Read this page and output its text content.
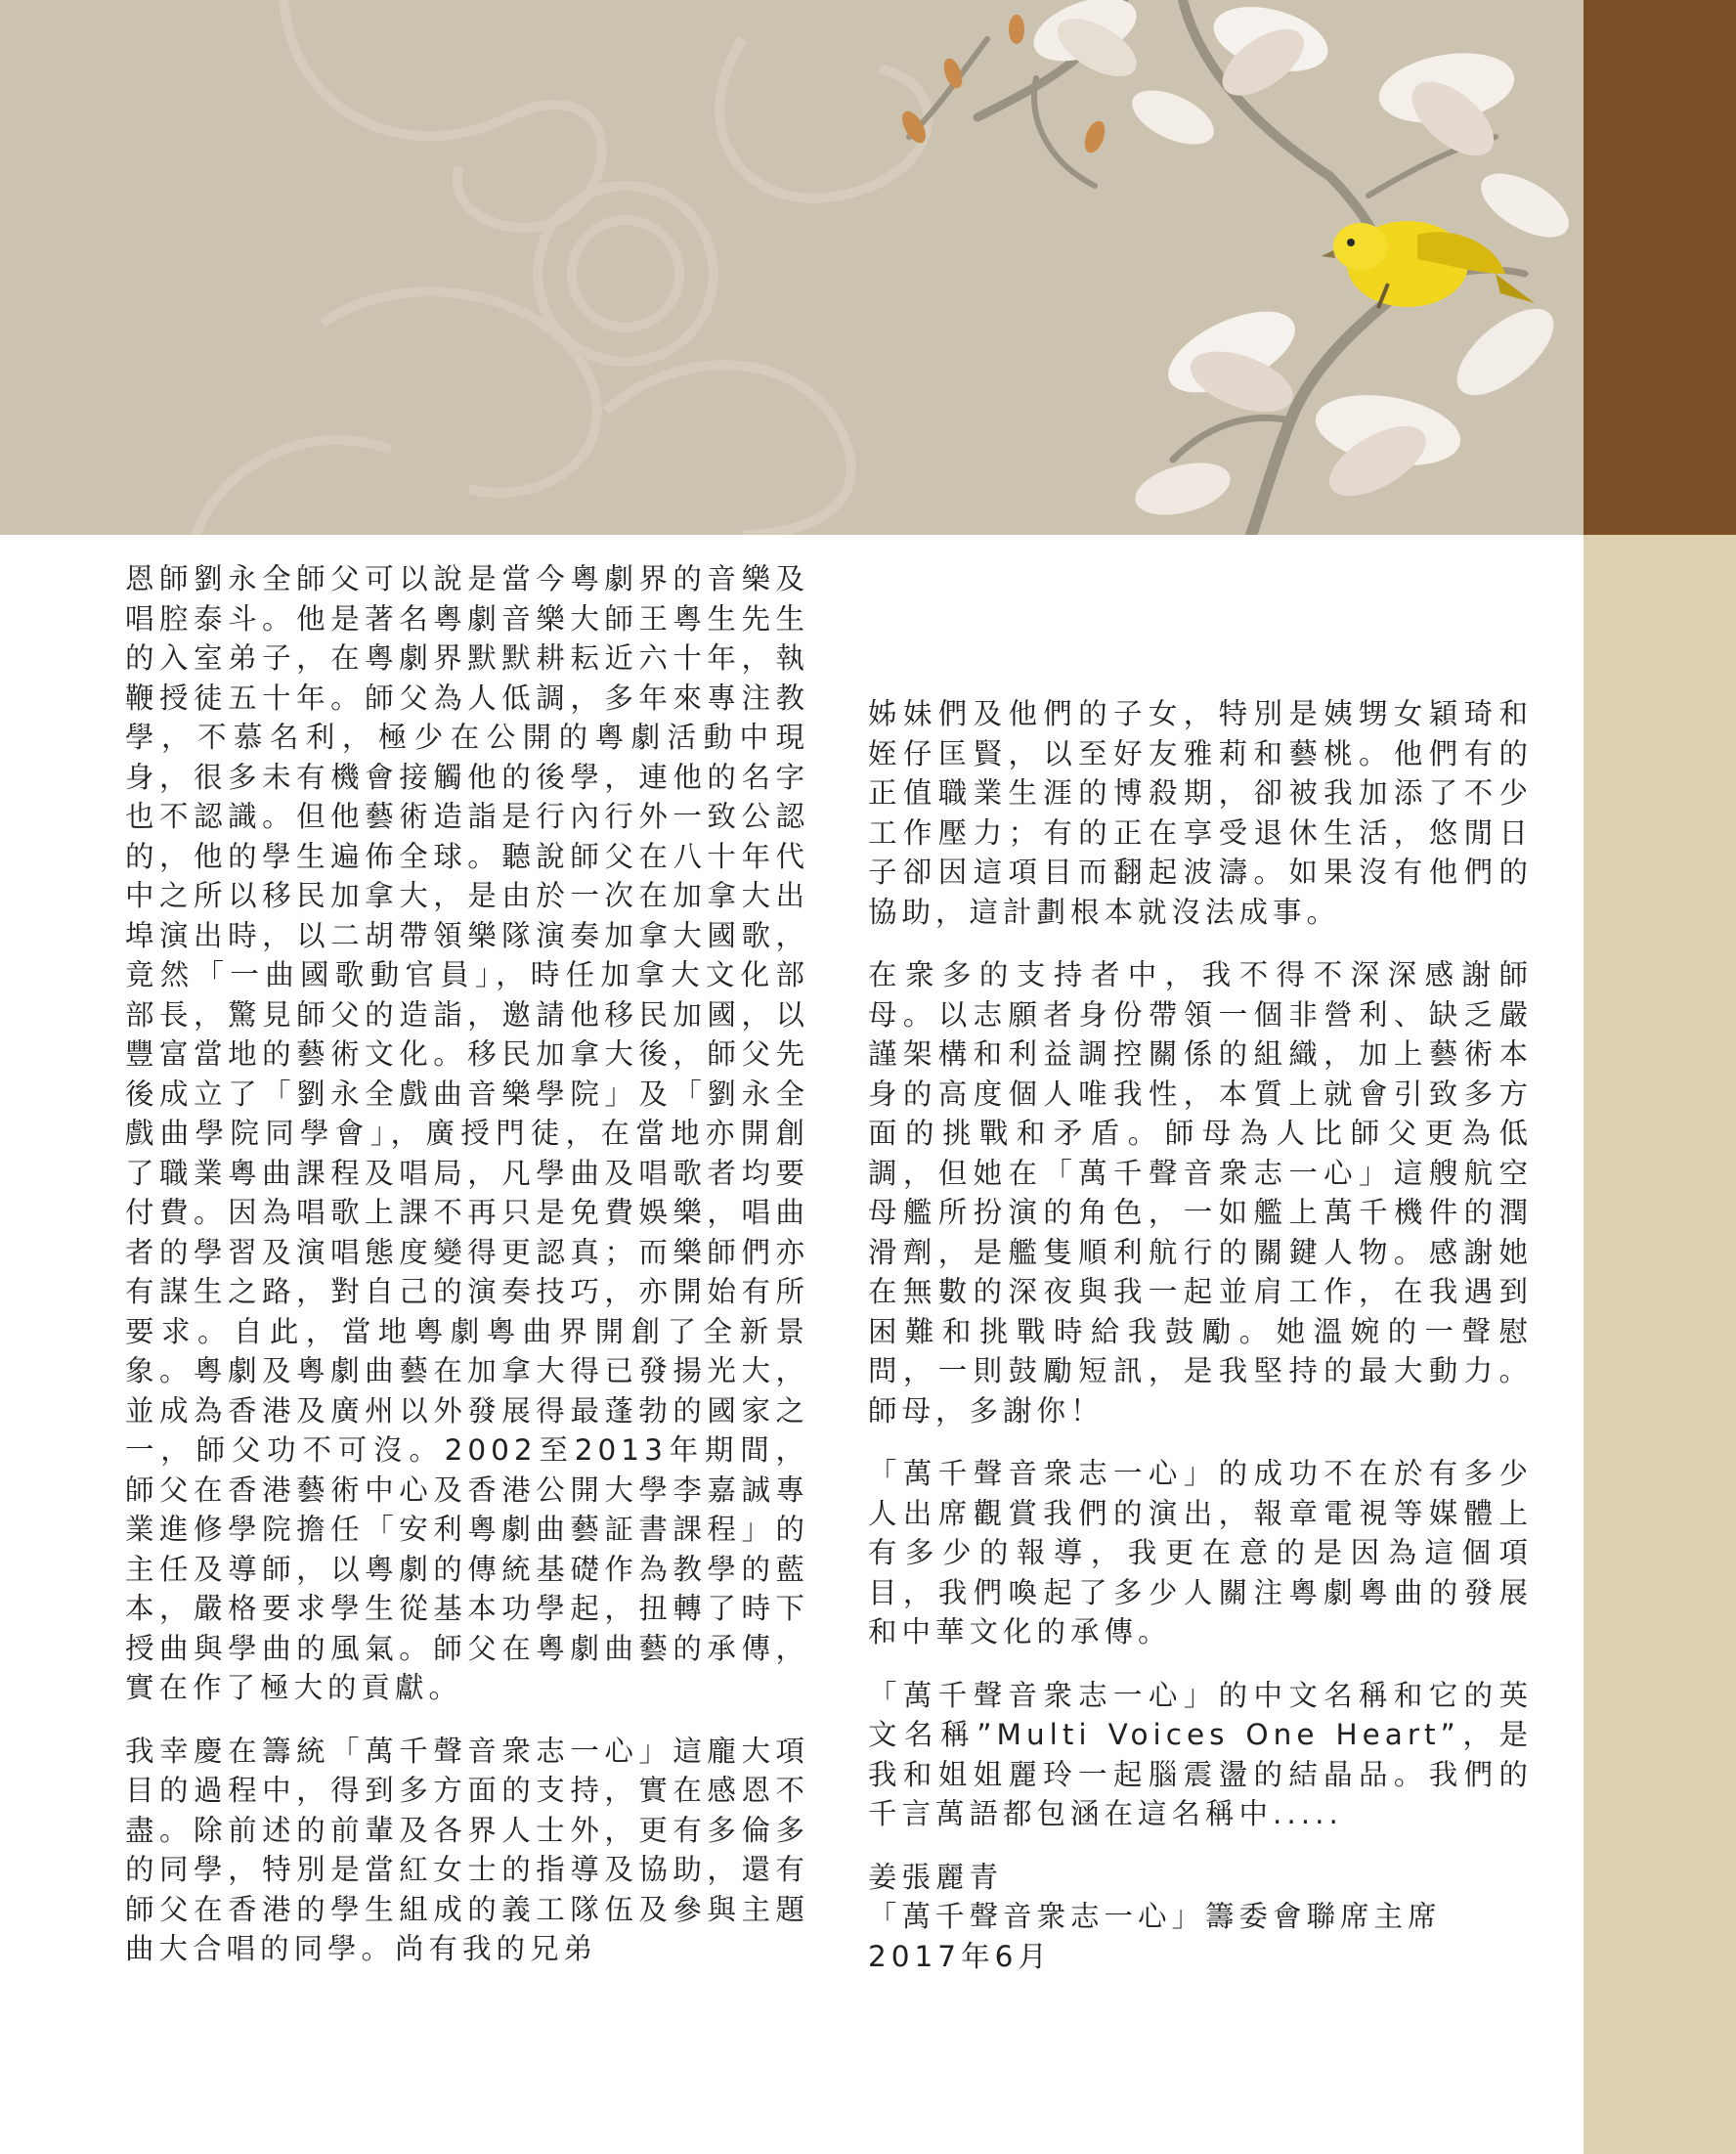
恩師劉永全師父可以說是當今粵劇界的音樂及唱腔泰斗。他是著名粵劇音樂大師王粵生先生的入室弟子，在粵劇界默默耕耘近六十年，執鞭授徒五十年。師父為人低調，多年來專注教學，不慕名利，極少在公開的粵劇活動中現身，很多未有機會接觸他的後學，連他的名字也不認識。但他藝術造詣是行內行外一致公認的，他的學生遍佈全球。聽說師父在八十年代中之所以移民加拿大，是由於一次在加拿大出埠演出時，以二胡帶領樂隊演奏加拿大國歌，竟然「一曲國歌動官員」，時任加拿大文化部部長，驚見師父的造詣，邀請他移民加國，以豐富當地的藝術文化。移民加拿大後，師父先後成立了「劉永全戲曲音樂學院」及「劉永全戲曲學院同學會」，廣授門徒，在當地亦開創了職業粵曲課程及唱局，凡學曲及唱歌者均要付費。因為唱歌上課不再只是免費娛樂，唱曲者的學習及演唱態度變得更認真；而樂師們亦有謀生之路，對自己的演奏技巧，亦開始有所要求。自此，當地粵劇粵曲界開創了全新景象。粵劇及粵劇曲藝在加拿大得已發揚光大，並成為香港及廣州以外發展得最蓬勃的國家之一，師父功不可沒。2002至2013年期間，師父在香港藝術中心及香港公開大學李嘉誠專業進修學院擔任「安利粵劇曲藝証書課程」的主任及導師，以粵劇的傳統基礎作為教學的藍本，嚴格要求學生從基本功學起，扭轉了時下授曲與學曲的風氣。師父在粵劇曲藝的承傳，實在作了極大的貢獻。

我幸慶在籌統「萬千聲音衆志一心」這龐大項目的過程中，得到多方面的支持，實在感恩不盡。除前述的前輩及各界人士外，更有多倫多的同學，特別是當紅女士的指導及協助，還有師父在香港的學生組成的義工隊伍及參與主題曲大合唱的同學。尚有我的兄弟

姊妹們及他們的子女，特別是姨甥女穎琦和姪仔匡賢，以至好友雅莉和藝桃。他們有的正值職業生涯的博殺期，卻被我加添了不少工作壓力；有的正在享受退休生活，悠閒日子卻因這項目而翻起波濤。如果沒有他們的協助，這計劃根本就沒法成事。

在衆多的支持者中，我不得不深深感謝師母。以志願者身份帶領一個非營利、缺乏嚴謹架構和利益調控關係的組織，加上藝術本身的高度個人唯我性，本質上就會引致多方面的挑戰和矛盾。師母為人比師父更為低調，但她在「萬千聲音衆志一心」這艘航空母艦所扮演的角色，一如艦上萬千機件的潤滑劑，是艦隻順利航行的關鍵人物。感謝她在無數的深夜與我一起並肩工作，在我遇到困難和挑戰時給我鼓勵。她溫婉的一聲慰問，一則鼓勵短訊，是我堅持的最大動力。師母，多謝你！

「萬千聲音衆志一心」的成功不在於有多少人出席觀賞我們的演出，報章電視等媒體上有多少的報導，我更在意的是因為這個項目，我們喚起了多少人關注粵劇粵曲的發展和中華文化的承傳。

「萬千聲音衆志一心」的中文名稱和它的英文名稱”Multi Voices One Heart”，是我和姐姐麗玲一起腦震盪的結晶品。我們的千言萬語都包涵在這名稱中.....

姜張麗青
「萬千聲音衆志一心」籌委會聯席主席
2017年6月
